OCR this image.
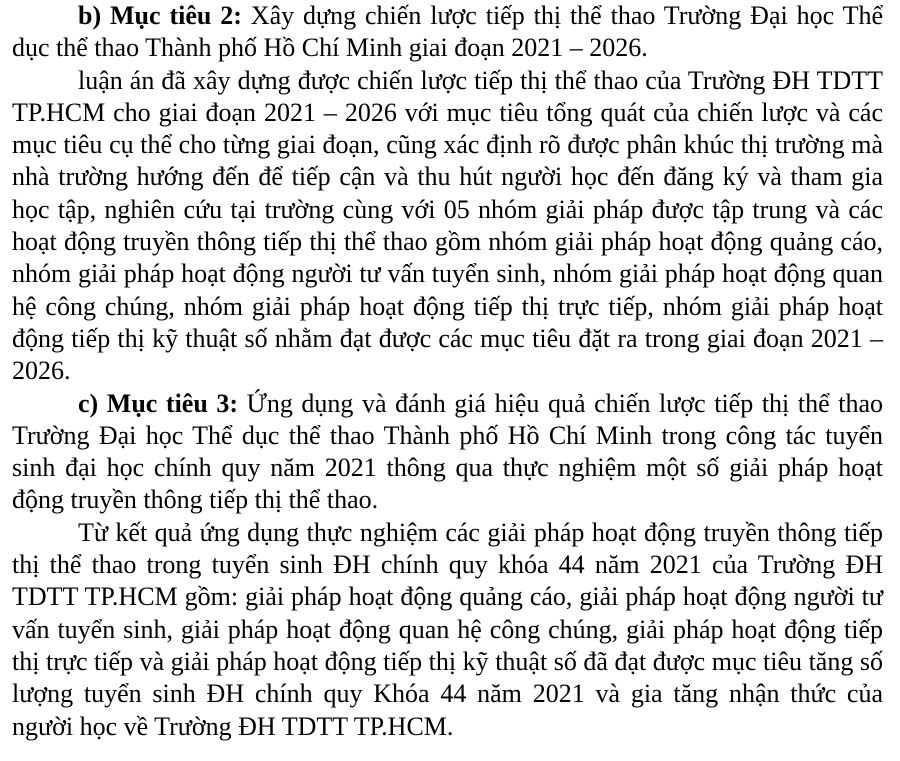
b) Mục tiêu 2: Xây dựng chiến lược tiếp thị thể thao Trường Đại học Thể dục thể thao Thành phố Hồ Chí Minh giai đoạn 2021 – 2026.

luận án đã xây dựng được chiến lược tiếp thị thể thao của Trường ĐH TDTT TP.HCM cho giai đoạn 2021 – 2026 với mục tiêu tổng quát của chiến lược và các mục tiêu cụ thể cho từng giai đoạn, cũng xác định rõ được phân khúc thị trường mà nhà trường hướng đến để tiếp cận và thu hút người học đến đăng ký và tham gia học tập, nghiên cứu tại trường cùng với 05 nhóm giải pháp được tập trung và các hoạt động truyền thông tiếp thị thể thao gồm nhóm giải pháp hoạt động quảng cáo, nhóm giải pháp hoạt động người tư vấn tuyển sinh, nhóm giải pháp hoạt động quan hệ công chúng, nhóm giải pháp hoạt động tiếp thị trực tiếp, nhóm giải pháp hoạt động tiếp thị kỹ thuật số nhằm đạt được các mục tiêu đặt ra trong giai đoạn 2021 – 2026.

c) Mục tiêu 3: Ứng dụng và đánh giá hiệu quả chiến lược tiếp thị thể thao Trường Đại học Thể dục thể thao Thành phố Hồ Chí Minh trong công tác tuyển sinh đại học chính quy năm 2021 thông qua thực nghiệm một số giải pháp hoạt động truyền thông tiếp thị thể thao.

Từ kết quả ứng dụng thực nghiệm các giải pháp hoạt động truyền thông tiếp thị thể thao trong tuyển sinh ĐH chính quy khóa 44 năm 2021 của Trường ĐH TDTT TP.HCM gồm: giải pháp hoạt động quảng cáo, giải pháp hoạt động người tư vấn tuyển sinh, giải pháp hoạt động quan hệ công chúng, giải pháp hoạt động tiếp thị trực tiếp và giải pháp hoạt động tiếp thị kỹ thuật số đã đạt được mục tiêu tăng số lượng tuyển sinh ĐH chính quy Khóa 44 năm 2021 và gia tăng nhận thức của người học về Trường ĐH TDTT TP.HCM.
